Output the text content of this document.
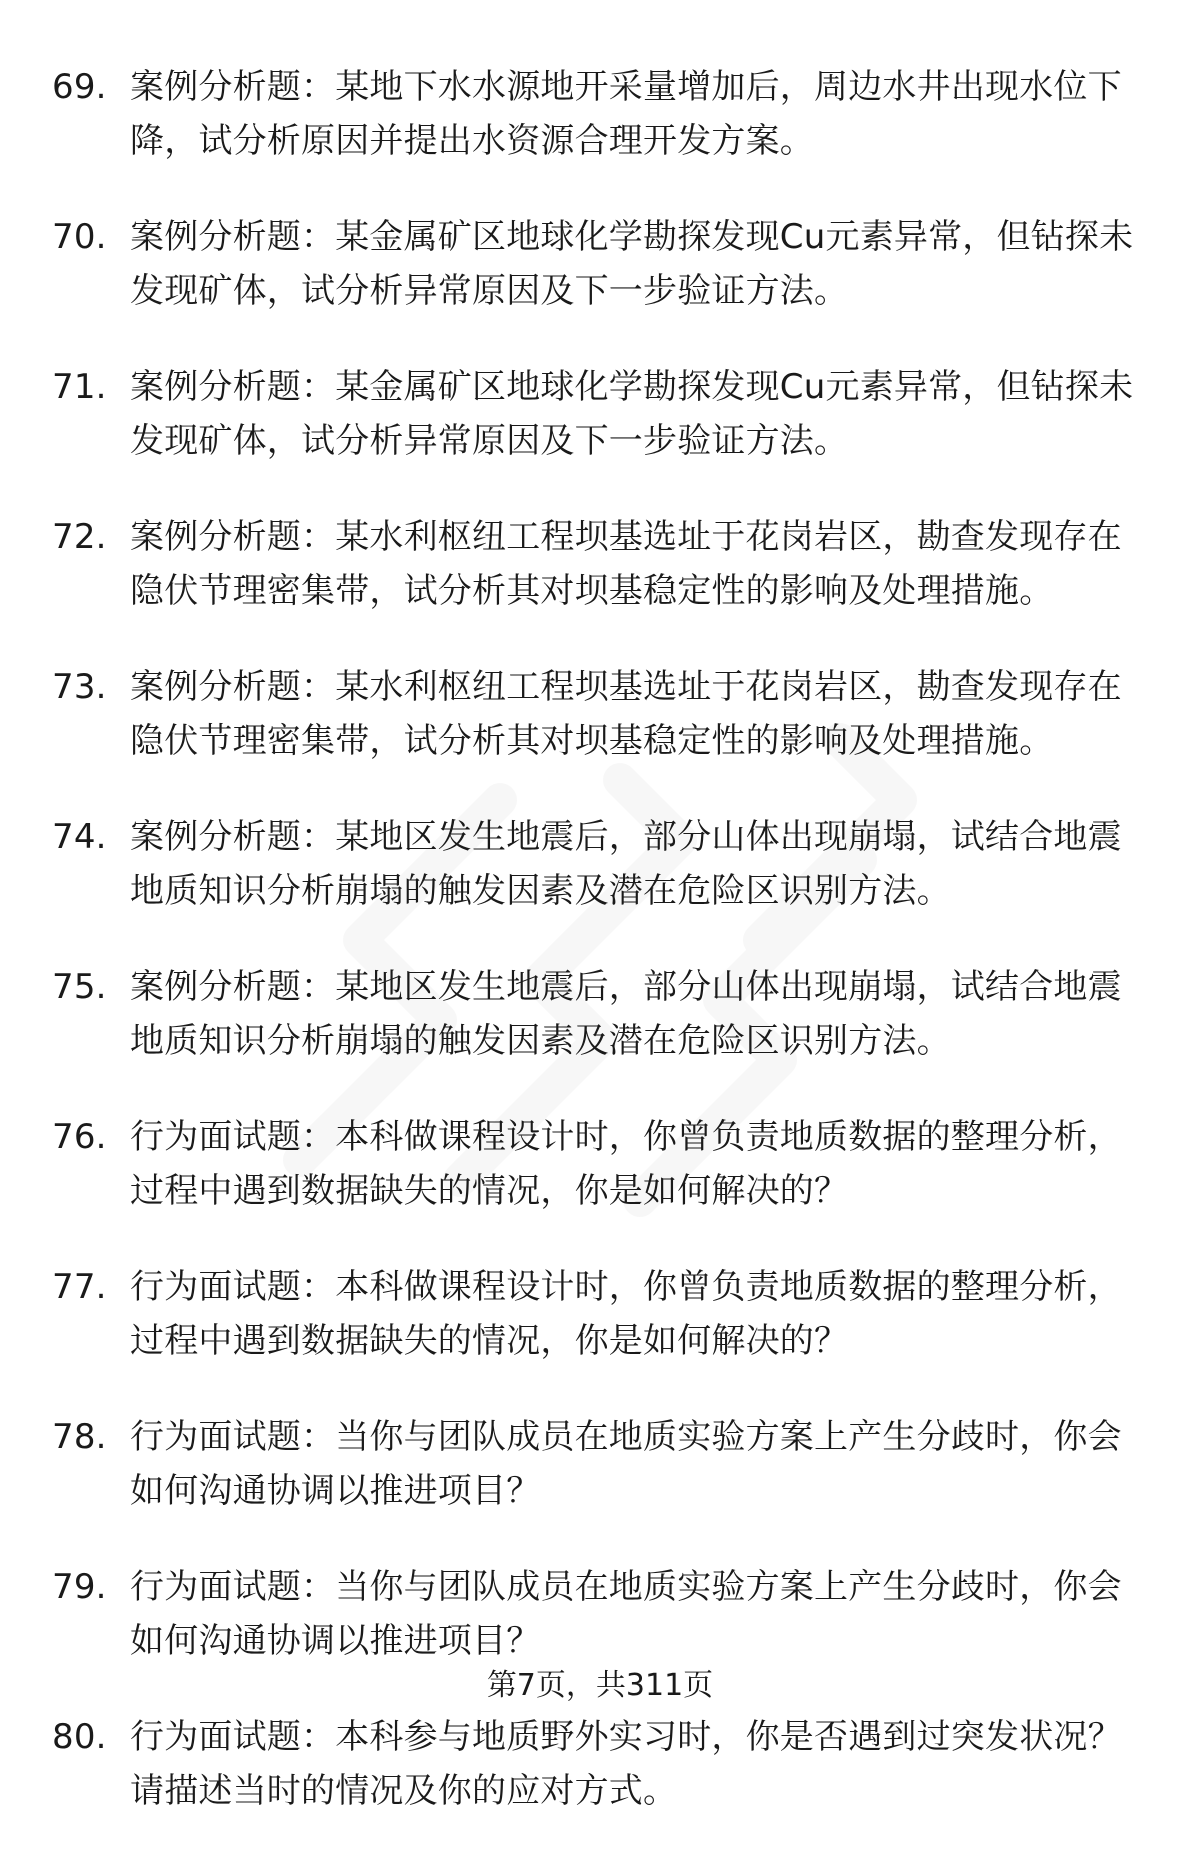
69. 案例分析题：某地下水水源地开采量增加后，周边水井出现水位下降，试分析原因并提出水资源合理开发方案。
70. 案例分析题：某金属矿区地球化学勘探发现Cu元素异常，但钻探未发现矿体，试分析异常原因及下一步验证方法。
71. 案例分析题：某金属矿区地球化学勘探发现Cu元素异常，但钻探未发现矿体，试分析异常原因及下一步验证方法。
72. 案例分析题：某水利枢纽工程坝基选址于花岗岩区，勘查发现存在隐伏节理密集带，试分析其对坝基稳定性的影响及处理措施。
73. 案例分析题：某水利枢纽工程坝基选址于花岗岩区，勘查发现存在隐伏节理密集带，试分析其对坝基稳定性的影响及处理措施。
74. 案例分析题：某地区发生地震后，部分山体出现崩塌，试结合地震地质知识分析崩塌的触发因素及潜在危险区识别方法。
75. 案例分析题：某地区发生地震后，部分山体出现崩塌，试结合地震地质知识分析崩塌的触发因素及潜在危险区识别方法。
76. 行为面试题：本科做课程设计时，你曾负责地质数据的整理分析，过程中遇到数据缺失的情况，你是如何解决的？
77. 行为面试题：本科做课程设计时，你曾负责地质数据的整理分析，过程中遇到数据缺失的情况，你是如何解决的？
78. 行为面试题：当你与团队成员在地质实验方案上产生分歧时，你会如何沟通协调以推进项目？
79. 行为面试题：当你与团队成员在地质实验方案上产生分歧时，你会如何沟通协调以推进项目？
80. 行为面试题：本科参与地质野外实习时，你是否遇到过突发状况？请描述当时的情况及你的应对方式。
第7页，共311页
